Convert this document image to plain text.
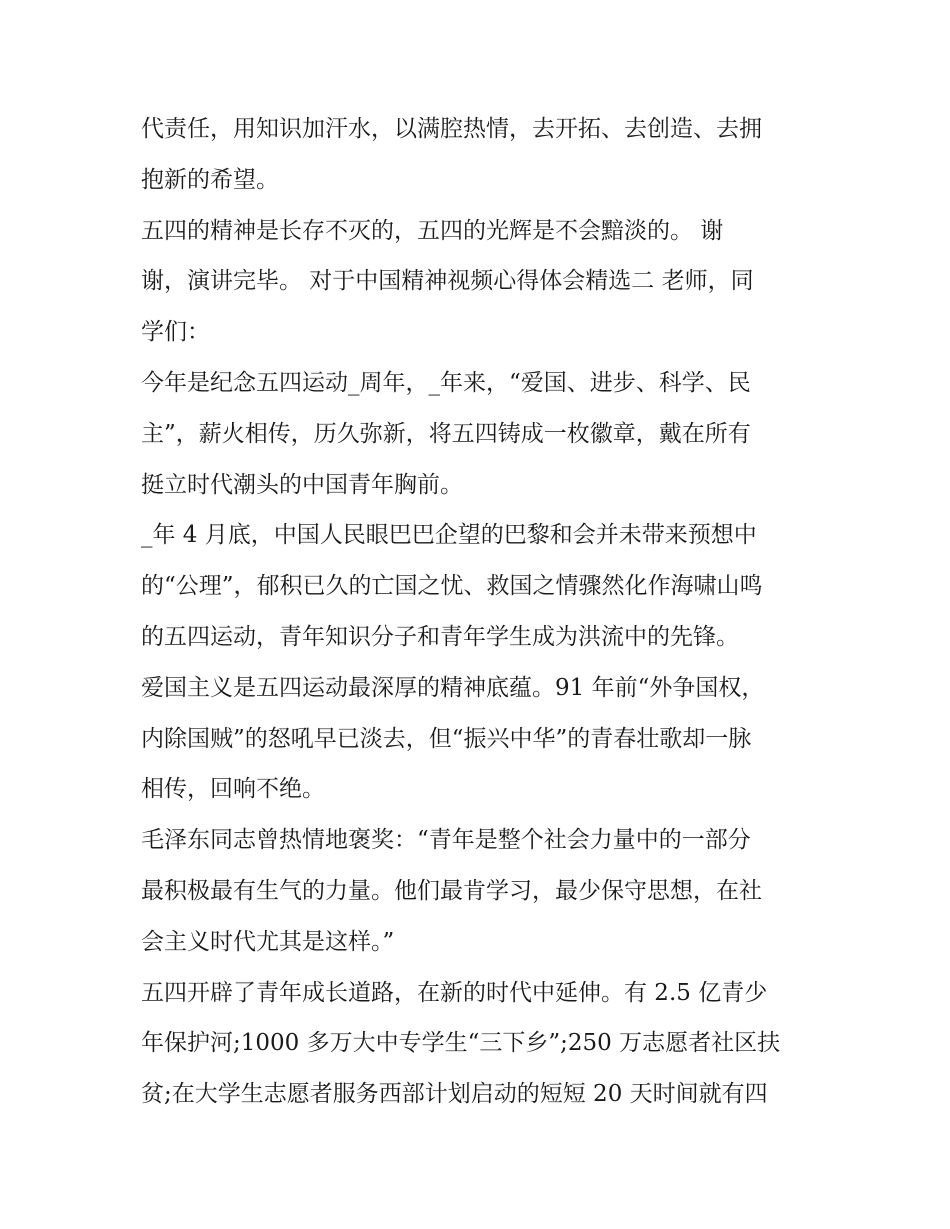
代责任，用知识加汗水，以满腔热情，去开拓、去创造、去拥
抱新的希望。
五四的精神是长存不灭的，五四的光辉是不会黯淡的。 谢
谢，演讲完毕。 对于中国精神视频心得体会精选二 老师，同
学们：
今年是纪念五四运动_周年，_年来，“爱国、进步、科学、民
主”，薪火相传，历久弥新，将五四铸成一枚徽章，戴在所有
挺立时代潮头的中国青年胸前。
_年 4 月底，中国人民眼巴巴企望的巴黎和会并未带来预想中
的“公理”，郁积已久的亡国之忧、救国之情骤然化作海啸山鸣
的五四运动，青年知识分子和青年学生成为洪流中的先锋。
爱国主义是五四运动最深厚的精神底蕴。91 年前“外争国权，
内除国贼”的怒吼早已淡去，但“振兴中华”的青春壮歌却一脉
相传，回响不绝。
毛泽东同志曾热情地褒奖：“青年是整个社会力量中的一部分
最积极最有生气的力量。他们最肯学习，最少保守思想，在社
会主义时代尤其是这样。”
五四开辟了青年成长道路，在新的时代中延伸。有 2.5 亿青少
年保护河;1000 多万大中专学生“三下乡”;250 万志愿者社区扶
贫;在大学生志愿者服务西部计划启动的短短 20 天时间就有四
